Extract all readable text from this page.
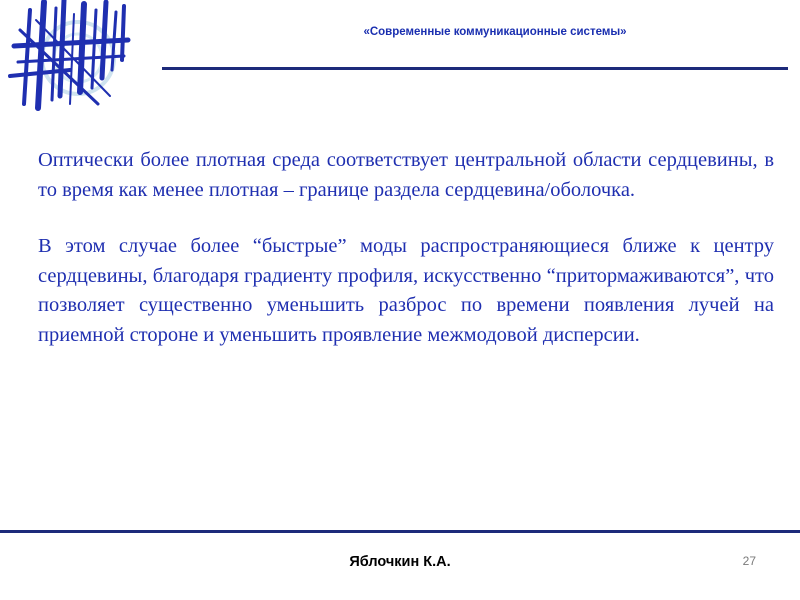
«Современные коммуникационные системы»

Оптически более плотная среда соответствует центральной области сердцевины, в то время как менее плотная – границе раздела сердцевина/оболочка.

В этом случае более “быстрые” моды распространяющиеся ближе к центру сердцевины, благодаря градиенту профиля, искусственно “притормаживаются”, что позволяет существенно уменьшить разброс по времени появления лучей на приемной стороне и уменьшить проявление межмодовой дисперсии.

Яблочкин К.А.	27
